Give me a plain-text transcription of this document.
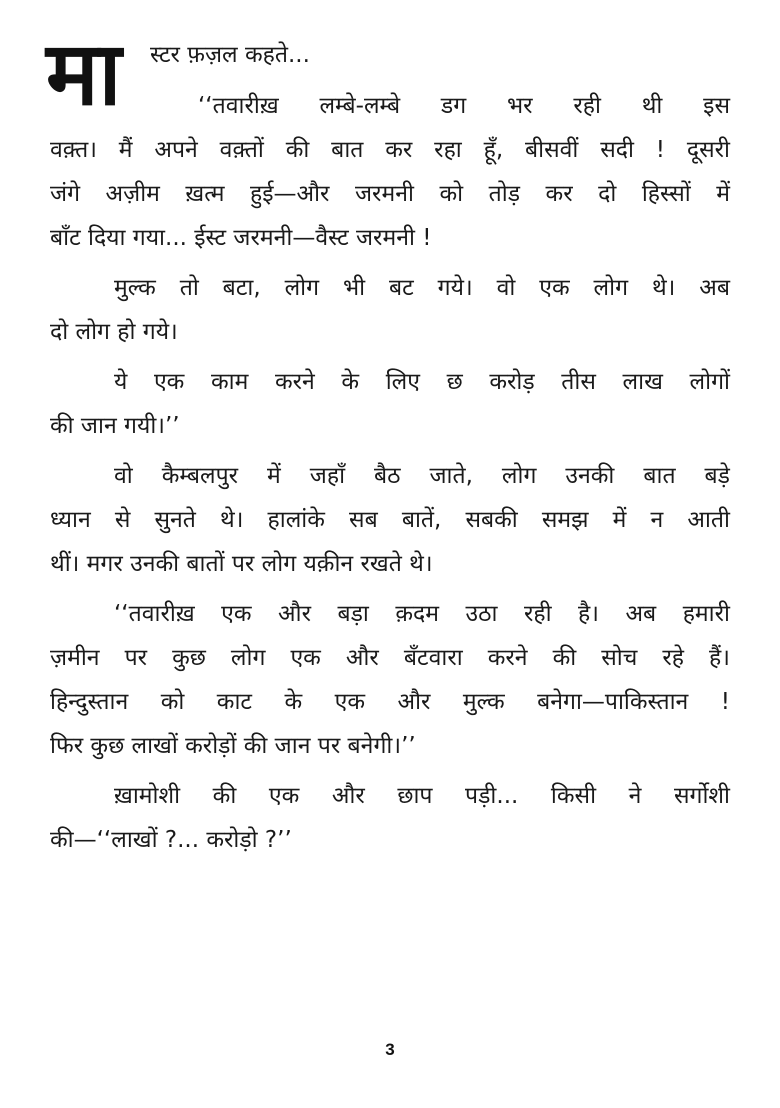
मा स्टर फ़ज़ल कहते...
‘‘तवारीख़ लम्बे-लम्बे डग भर रही थी इस
वक़्त। मैं अपने वक़्तों की बात कर रहा हूँ, बीसवीं सदी ! दूसरी
जंगे अज़ीम ख़त्म हुई—और जरमनी को तोड़ कर दो हिस्सों में
बाँट दिया गया... ईस्ट जरमनी—वैस्ट जरमनी !
मुल्क तो बटा, लोग भी बट गये। वो एक लोग थे। अब
दो लोग हो गये।
ये एक काम करने के लिए छ करोड़ तीस लाख लोगों
की जान गयी।’’
वो कैम्बलपुर में जहाँ बैठ जाते, लोग उनकी बात बड़े
ध्यान से सुनते थे। हालांके सब बातें, सबकी समझ में न आती
थीं। मगर उनकी बातों पर लोग यक़ीन रखते थे।
‘‘तवारीख़ एक और बड़ा क़दम उठा रही है। अब हमारी
ज़मीन पर कुछ लोग एक और बँटवारा करने की सोच रहे हैं।
हिन्दुस्तान को काट के एक और मुल्क बनेगा—पाकिस्तान !
फिर कुछ लाखों करोड़ों की जान पर बनेगी।’’
ख़ामोशी की एक और छाप पड़ी... किसी ने सर्गोशी
की—‘‘लाखों ?... करोड़ो ?’’
3
